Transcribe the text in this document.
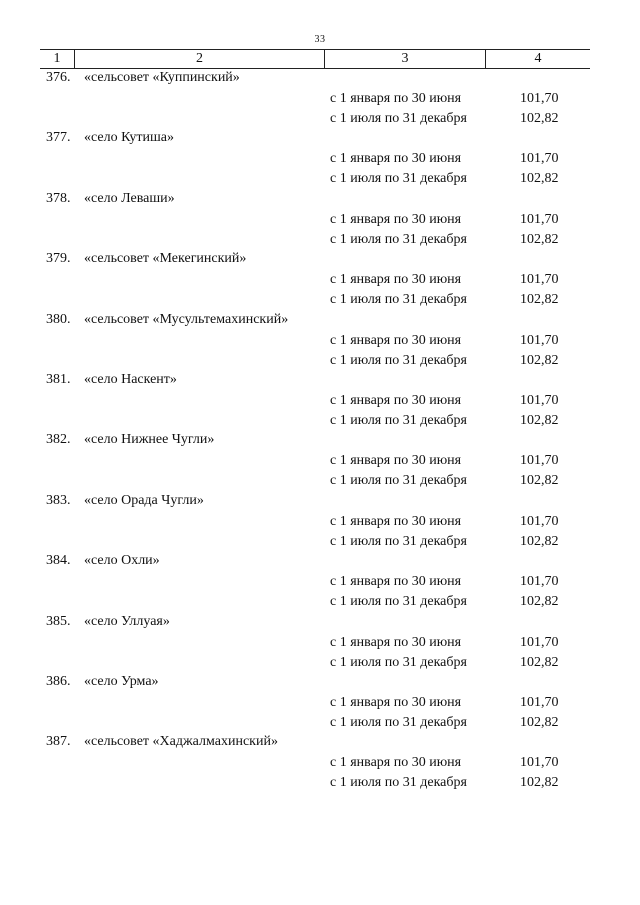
33
1	2	3	4
376. «сельсовет «Куппинский»
с 1 января по 30 июня	101,70
с 1 июля по 31 декабря	102,82
377. «село Кутиша»
с 1 января по 30 июня	101,70
с 1 июля по 31 декабря	102,82
378. «село Леваши»
с 1 января по 30 июня	101,70
с 1 июля по 31 декабря	102,82
379. «сельсовет «Мекегинский»
с 1 января по 30 июня	101,70
с 1 июля по 31 декабря	102,82
380. «сельсовет «Мусультемахинский»
с 1 января по 30 июня	101,70
с 1 июля по 31 декабря	102,82
381. «село Наскент»
с 1 января по 30 июня	101,70
с 1 июля по 31 декабря	102,82
382. «село Нижнее Чугли»
с 1 января по 30 июня	101,70
с 1 июля по 31 декабря	102,82
383. «село Орада Чугли»
с 1 января по 30 июня	101,70
с 1 июля по 31 декабря	102,82
384. «село Охли»
с 1 января по 30 июня	101,70
с 1 июля по 31 декабря	102,82
385. «село Уллуая»
с 1 января по 30 июня	101,70
с 1 июля по 31 декабря	102,82
386. «село Урма»
с 1 января по 30 июня	101,70
с 1 июля по 31 декабря	102,82
387. «сельсовет «Хаджалмахинский»
с 1 января по 30 июня	101,70
с 1 июля по 31 декабря	102,82
